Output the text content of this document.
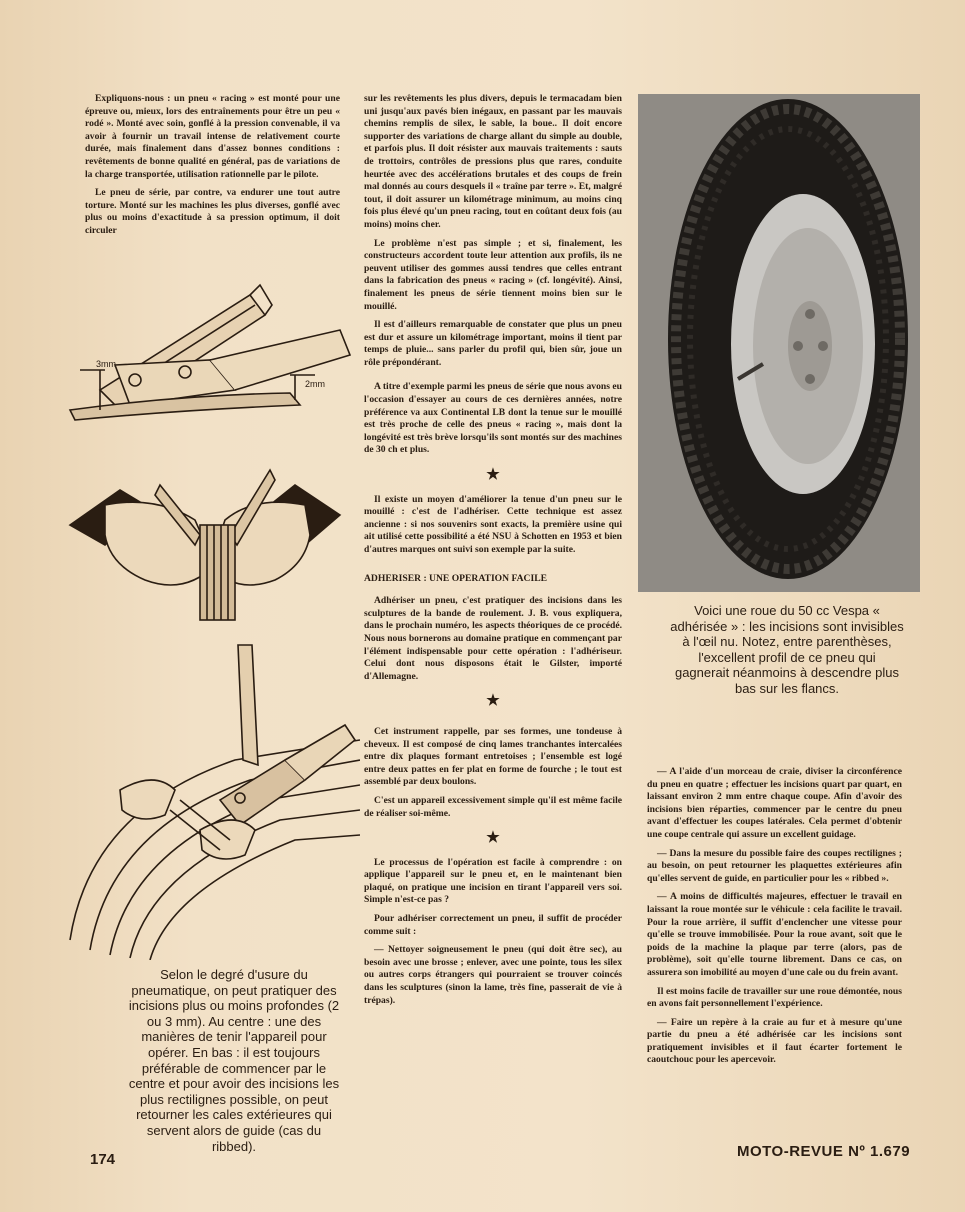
Expliquons-nous : un pneu « racing » est monté pour une épreuve ou, mieux, lors des entraînements pour être un peu « rodé ». Monté avec soin, gonflé à la pression convenable, il va avoir à fournir un travail intense de relativement courte durée, mais finalement dans d'assez bonnes conditions : revêtements de bonne qualité en général, pas de variations de la charge transportée, utilisation rationnelle par le pilote.

Le pneu de série, par contre, va endurer une tout autre torture. Monté sur les machines les plus diverses, gonflé avec plus ou moins d'exactitude à sa pression optimum, il doit circuler

3mm
2mm
Selon le degré d'usure du pneumatique, on peut pratiquer des incisions plus ou moins profondes (2 ou 3 mm). Au centre : une des manières de tenir l'appareil pour opérer. En bas : il est toujours préférable de commencer par le centre et pour avoir des incisions les plus rectilignes possible, on peut retourner les cales extérieures qui servent alors de guide (cas du ribbed).

sur les revêtements les plus divers, depuis le termacadam bien uni jusqu'aux pavés bien inégaux, en passant par les mauvais chemins remplis de silex, le sable, la boue.. Il doit encore supporter des variations de charge allant du simple au double, et parfois plus. Il doit résister aux mauvais traitements : sauts de trottoirs, contrôles de pressions plus que rares, conduite heurtée avec des accélérations brutales et des coups de frein mal donnés au cours desquels il « traîne par terre ». Et, malgré tout, il doit assurer un kilométrage minimum, au moins cinq fois plus élevé qu'un pneu racing, tout en coûtant deux fois (au moins) moins cher.

Le problème n'est pas simple ; et si, finalement, les constructeurs accordent toute leur attention aux profils, ils ne peuvent utiliser des gommes aussi tendres que celles entrant dans la fabrication des pneus « racing » (cf. longévité). Ainsi, finalement les pneus de série tiennent moins bien sur le mouillé.

Il est d'ailleurs remarquable de constater que plus un pneu est dur et assure un kilométrage important, moins il tient par temps de pluie... sans parler du profil qui, bien sûr, joue un rôle prépondérant.

A titre d'exemple parmi les pneus de série que nous avons eu l'occasion d'essayer au cours de ces dernières années, notre préférence va aux Continental LB dont la tenue sur le mouillé est très proche de celle des pneus « racing », mais dont la longévité est très brève lorsqu'ils sont montés sur des machines de 30 ch et plus.

★

Il existe un moyen d'améliorer la tenue d'un pneu sur le mouillé : c'est de l'adhériser. Cette technique est assez ancienne : si nos souvenirs sont exacts, la première usine qui ait utilisé cette possibilité a été NSU à Schotten en 1953 et bien d'autres marques ont suivi son exemple par la suite.

ADHERISER : UNE OPERATION FACILE

Adhériser un pneu, c'est pratiquer des incisions dans les sculptures de la bande de roulement. J. B. vous expliquera, dans le prochain numéro, les aspects théoriques de ce procédé. Nous nous bornerons au domaine pratique en commençant par l'élément indispensable pour cette opération : l'adhériseur. Celui dont nous disposons était le Gilster, importé d'Allemagne.

★

Cet instrument rappelle, par ses formes, une tondeuse à cheveux. Il est composé de cinq lames tranchantes intercalées entre dix plaques formant entretoises ; l'ensemble est logé entre deux pattes en fer plat en forme de fourche ; le tout est assemblé par deux boulons.

C'est un appareil excessivement simple qu'il est même facile de réaliser soi-même.

★

Le processus de l'opération est facile à comprendre : on applique l'appareil sur le pneu et, en le maintenant bien plaqué, on pratique une incision en tirant l'appareil vers soi. Simple n'est-ce pas ?

Pour adhériser correctement un pneu, il suffit de procéder comme suit :

— Nettoyer soigneusement le pneu (qui doit être sec), au besoin avec une brosse ; enlever, avec une pointe, tous les silex ou autres corps étrangers qui pourraient se trouver coincés dans les sculptures (sinon la lame, très fine, passerait de vie à trépas).

Voici une roue du 50 cc Vespa « adhérisée » : les incisions sont invisibles à l'œil nu. Notez, entre parenthèses, l'excellent profil de ce pneu qui gagnerait néanmoins à descendre plus bas sur les flancs.

— A l'aide d'un morceau de craie, diviser la circonférence du pneu en quatre ; effectuer les incisions quart par quart, en laissant environ 2 mm entre chaque coupe. Afin d'avoir des incisions bien réparties, commencer par le centre du pneu avant d'effectuer les coupes latérales. Cela permet d'obtenir une coupe centrale qui assure un excellent guidage.

— Dans la mesure du possible faire des coupes rectilignes ; au besoin, on peut retourner les plaquettes extérieures afin qu'elles servent de guide, en particulier pour les « ribbed ».

— A moins de difficultés majeures, effectuer le travail en laissant la roue montée sur le véhicule : cela facilite le travail. Pour la roue arrière, il suffit d'enclencher une vitesse pour qu'elle se trouve immobilisée. Pour la roue avant, soit que le poids de la machine la plaque par terre (alors, pas de problème), soit qu'elle tourne librement. Dans ce cas, on assurera son imobilité au moyen d'une cale ou du frein avant.

Il est moins facile de travailler sur une roue démontée, nous en avons fait personnellement l'expérience.

— Faire un repère à la craie au fur et à mesure qu'une partie du pneu a été adhérisée car les incisions sont pratiquement invisibles et il faut écarter fortement le caoutchouc pour les apercevoir.

174	MOTO-REVUE Nº 1.679
